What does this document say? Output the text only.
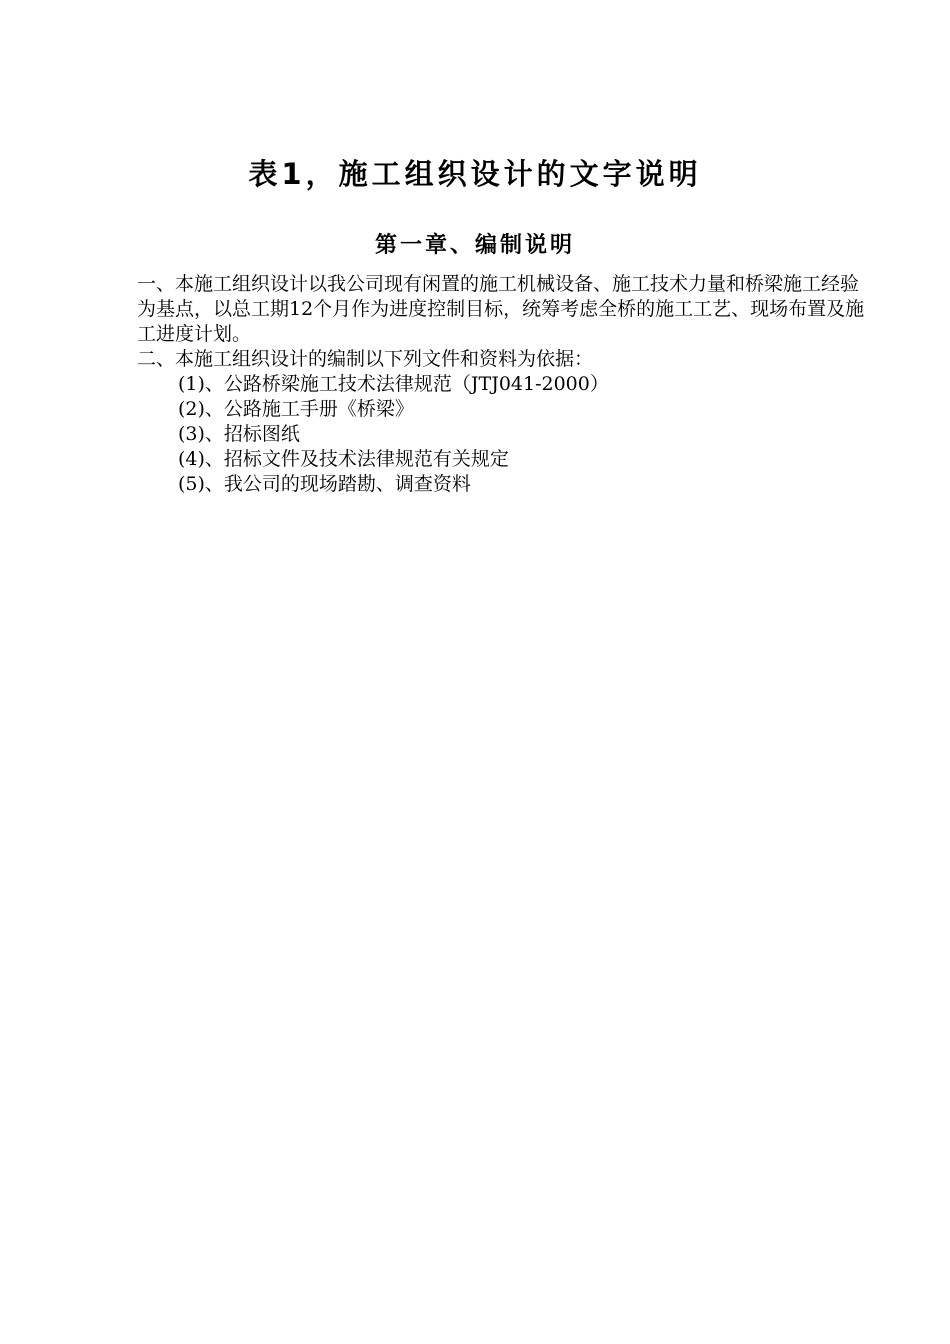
表1，施工组织设计的文字说明
第一章、编制说明
一、本施工组织设计以我公司现有闲置的施工机械设备、施工技术力量和桥梁施工经验为基点，以总工期12个月作为进度控制目标，统筹考虑全桥的施工工艺、现场布置及施工进度计划。
二、本施工组织设计的编制以下列文件和资料为依据：
(1)、公路桥梁施工技术法律规范（JTJ041-2000）
(2)、公路施工手册《桥梁》
(3)、招标图纸
(4)、招标文件及技术法律规范有关规定
(5)、我公司的现场踏勘、调查资料
